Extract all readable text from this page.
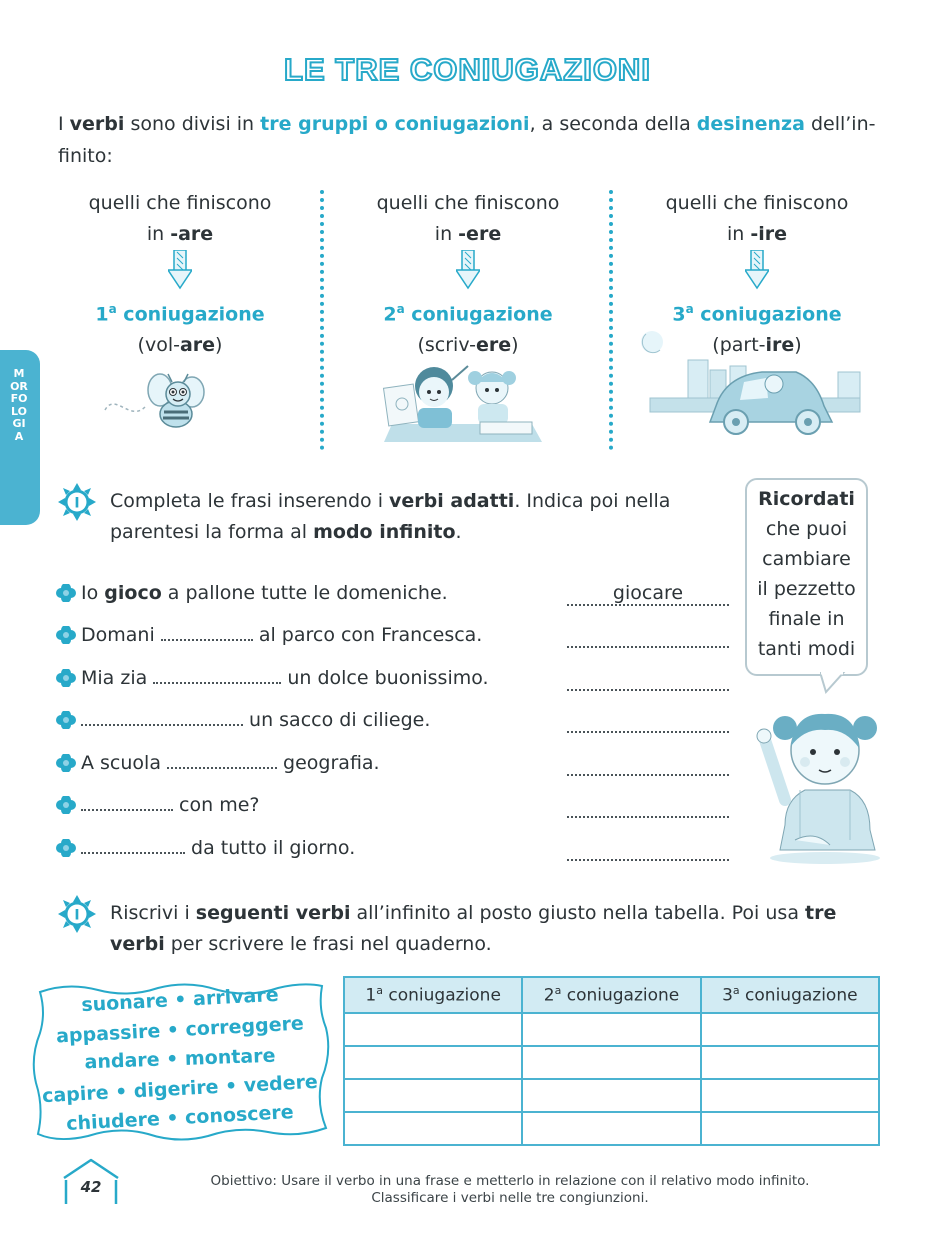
LE TRE CONIUGAZIONI
I verbi sono divisi in tre gruppi o coniugazioni, a seconda della desinenza dell’in-finito:
quelli che finiscono
in -are
1$^a$ coniugazione
(vol-are)
quelli che finiscono
in -ere
2$^a$ coniugazione
(scriv-ere)
quelli che finiscono
in -ire
3$^a$ coniugazione
(part-ire)
MORFOLOGIA
I Completa le frasi inserendo i verbi adatti. Indica poi nella parentesi la forma al modo infinito.
Ricordati
che puoi
cambiare
il pezzetto
finale in
tanti modi
Io gioco a pallone tutte le domeniche.	giocare
Domani	al parco con Francesca.
Mia zia	un dolce buonissimo.
un sacco di ciliege.
A scuola	geografia.
con me?
da tutto il giorno.
I Riscrivi i seguenti verbi all’infinito al posto giusto nella tabella. Poi usa tre verbi per scrivere le frasi nel quaderno.
suonare • arrivare
appassire • correggere
andare • montare
capire • digerire • vedere
chiudere • conoscere
1$^a$ coniugazione	2$^a$ coniugazione	3$^a$ coniugazione

42	Obiettivo: Usare il verbo in una frase e metterlo in relazione con il relativo modo infinito.
Classificare i verbi nelle tre congiunzioni.
